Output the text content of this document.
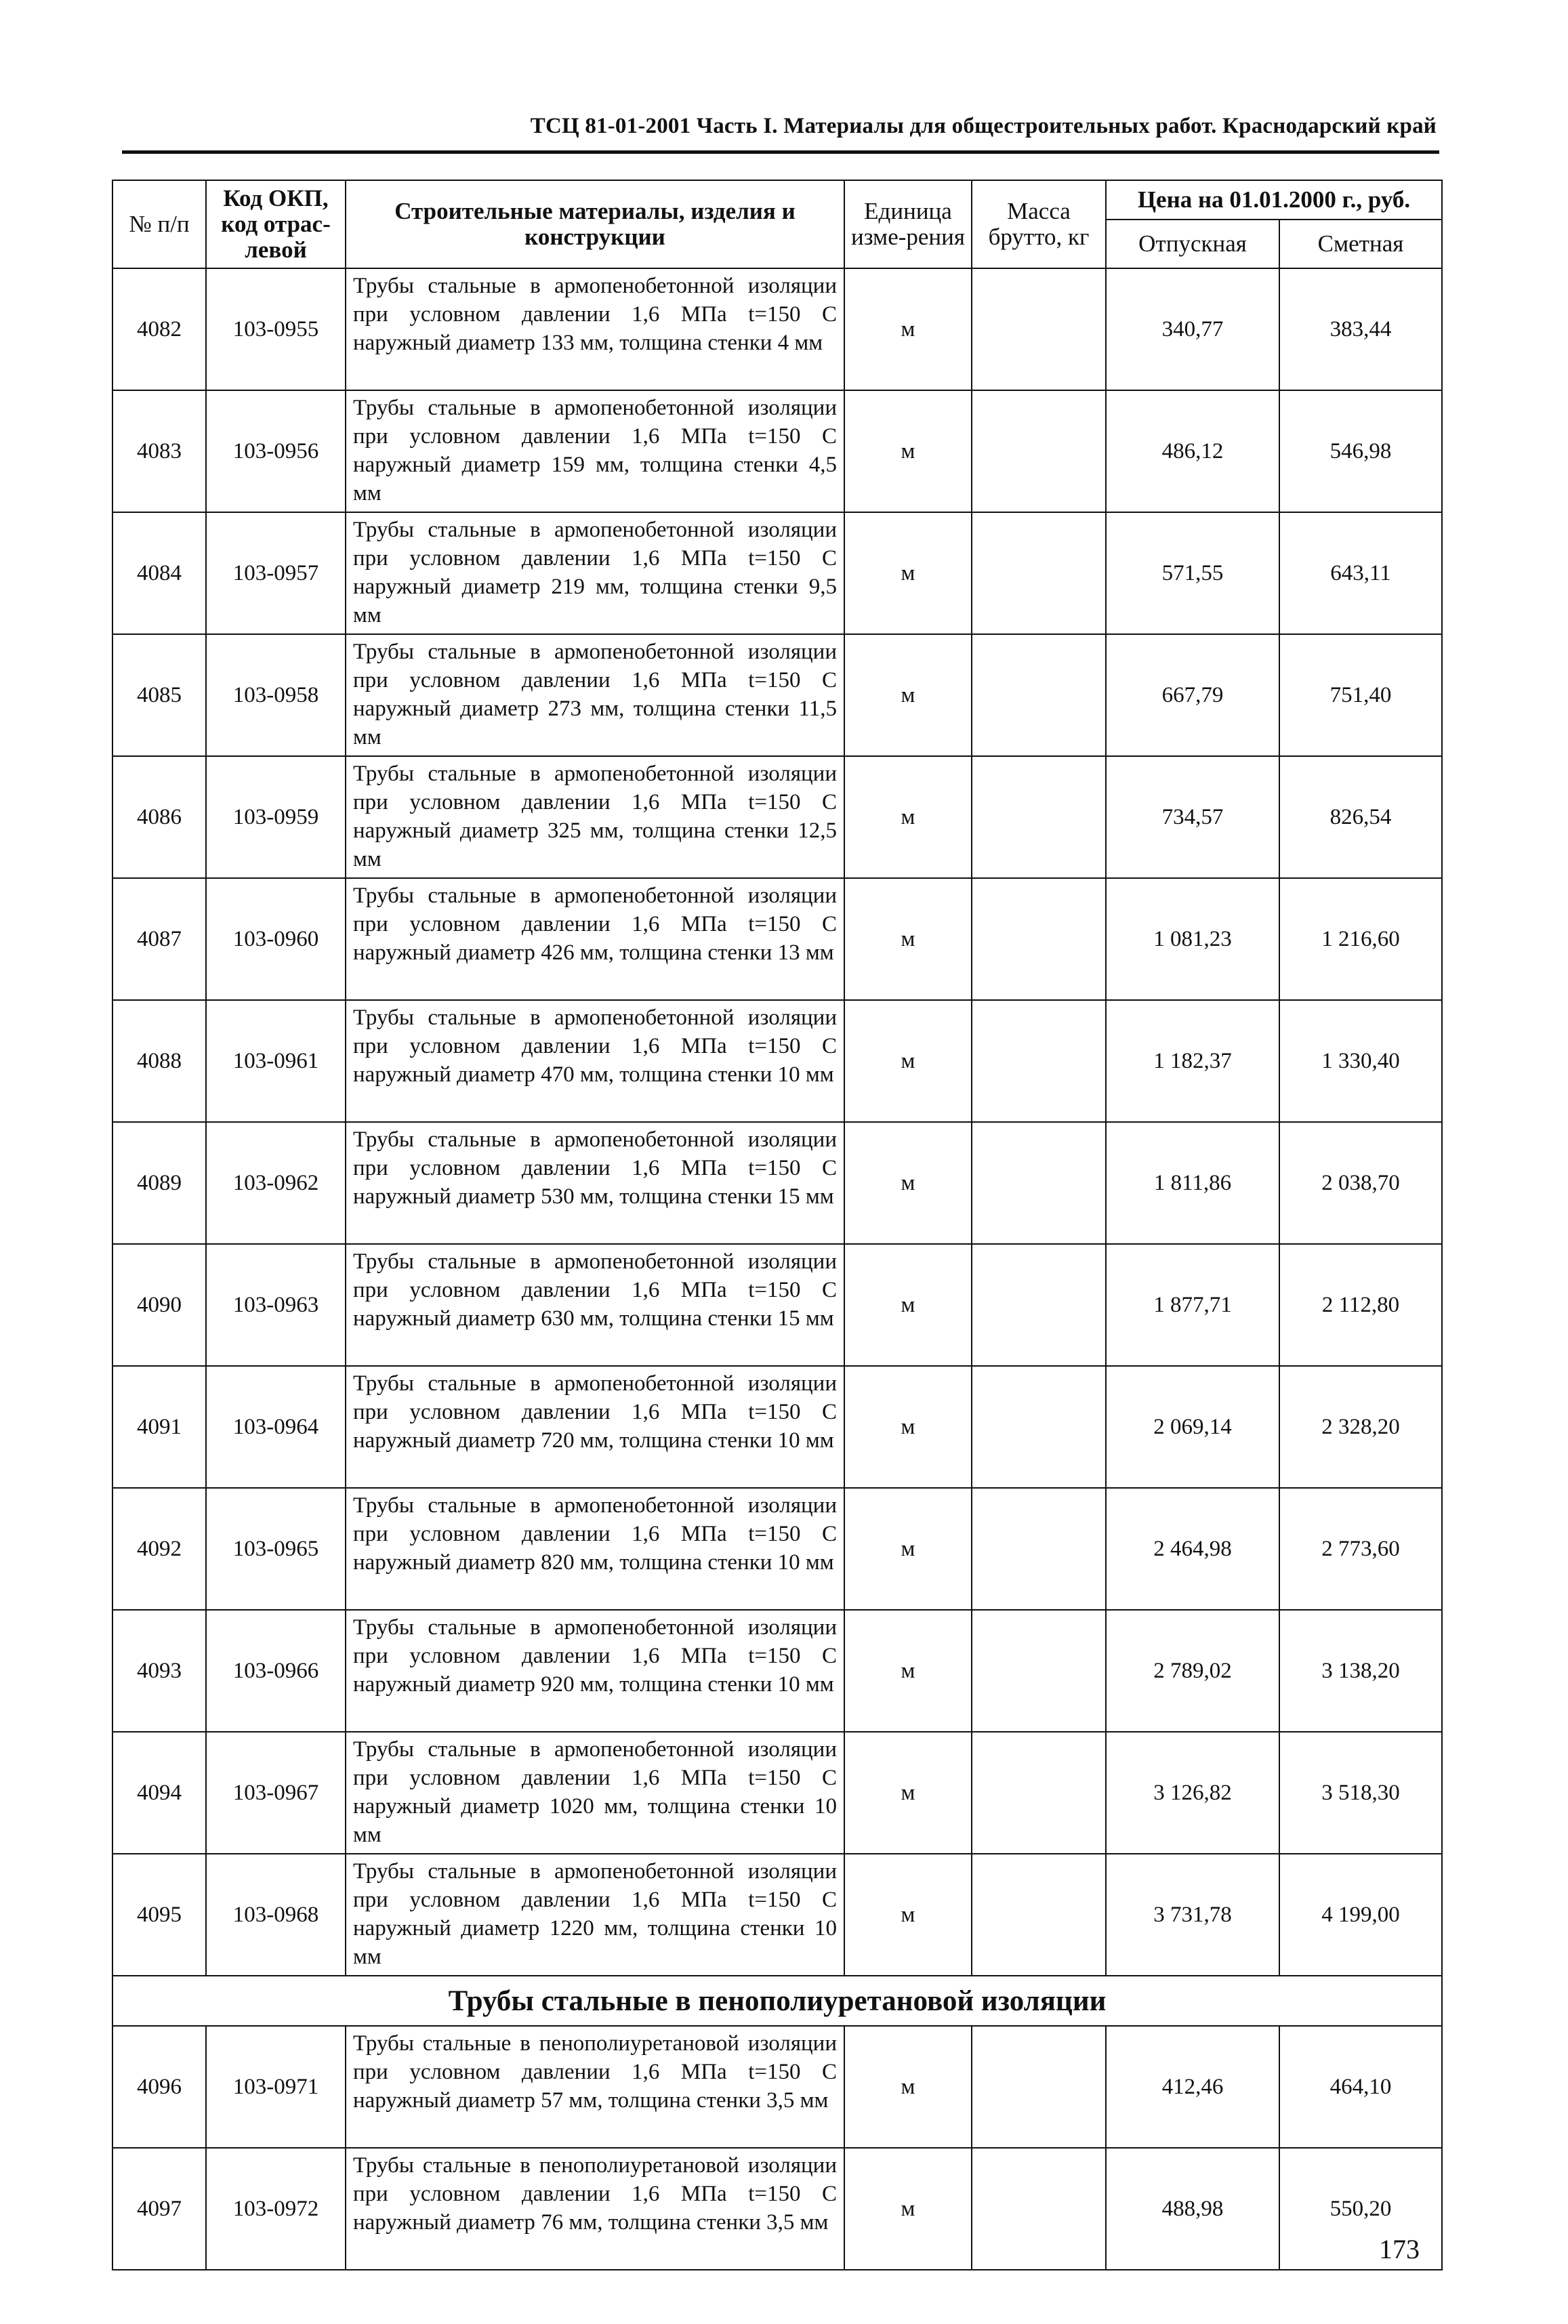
ТСЦ 81-01-2001 Часть I. Материалы для общестроительных работ. Краснодарский край
№ п/п	Код ОКП, код отрас-левой	Строительные материалы, изделия и конструкции	Единица изме-рения	Масса брутто, кг	Цена на 01.01.2000 г., руб.	
					Отпускная	Сметная
4082	103-0955	Трубы стальные в армопенобетонной изоляции при условном давлении 1,6 МПа t=150 С наружный диаметр 133 мм, толщина стенки 4 мм	м		340,77	383,44
4083	103-0956	Трубы стальные в армопенобетонной изоляции при условном давлении 1,6 МПа t=150 С наружный диаметр 159 мм, толщина стенки 4,5 мм	м		486,12	546,98
4084	103-0957	Трубы стальные в армопенобетонной изоляции при условном давлении 1,6 МПа t=150 С наружный диаметр 219 мм, толщина стенки 9,5 мм	м		571,55	643,11
4085	103-0958	Трубы стальные в армопенобетонной изоляции при условном давлении 1,6 МПа t=150 С наружный диаметр 273 мм, толщина стенки 11,5 мм	м		667,79	751,40
4086	103-0959	Трубы стальные в армопенобетонной изоляции при условном давлении 1,6 МПа t=150 С наружный диаметр 325 мм, толщина стенки 12,5 мм	м		734,57	826,54
4087	103-0960	Трубы стальные в армопенобетонной изоляции при условном давлении 1,6 МПа t=150 С наружный диаметр 426 мм, толщина стенки 13 мм	м		1 081,23	1 216,60
4088	103-0961	Трубы стальные в армопенобетонной изоляции при условном давлении 1,6 МПа t=150 С наружный диаметр 470 мм, толщина стенки 10 мм	м		1 182,37	1 330,40
4089	103-0962	Трубы стальные в армопенобетонной изоляции при условном давлении 1,6 МПа t=150 С наружный диаметр 530 мм, толщина стенки 15 мм	м		1 811,86	2 038,70
4090	103-0963	Трубы стальные в армопенобетонной изоляции при условном давлении 1,6 МПа t=150 С наружный диаметр 630 мм, толщина стенки 15 мм	м		1 877,71	2 112,80
4091	103-0964	Трубы стальные в армопенобетонной изоляции при условном давлении 1,6 МПа t=150 С наружный диаметр 720 мм, толщина стенки 10 мм	м		2 069,14	2 328,20
4092	103-0965	Трубы стальные в армопенобетонной изоляции при условном давлении 1,6 МПа t=150 С наружный диаметр 820 мм, толщина стенки 10 мм	м		2 464,98	2 773,60
4093	103-0966	Трубы стальные в армопенобетонной изоляции при условном давлении 1,6 МПа t=150 С наружный диаметр 920 мм, толщина стенки 10 мм	м		2 789,02	3 138,20
4094	103-0967	Трубы стальные в армопенобетонной изоляции при условном давлении 1,6 МПа t=150 С наружный диаметр 1020 мм, толщина стенки 10 мм	м		3 126,82	3 518,30
4095	103-0968	Трубы стальные в армопенобетонной изоляции при условном давлении 1,6 МПа t=150 С наружный диаметр 1220 мм, толщина стенки 10 мм	м		3 731,78	4 199,00
Трубы стальные в пенополиуретановой изоляции						
4096	103-0971	Трубы стальные в пенополиуретановой изоляции при условном давлении 1,6 МПа t=150 С наружный диаметр 57 мм, толщина стенки 3,5 мм	м		412,46	464,10
4097	103-0972	Трубы стальные в пенополиуретановой изоляции при условном давлении 1,6 МПа t=150 С наружный диаметр 76 мм, толщина стенки 3,5 мм	м		488,98	550,20
173
